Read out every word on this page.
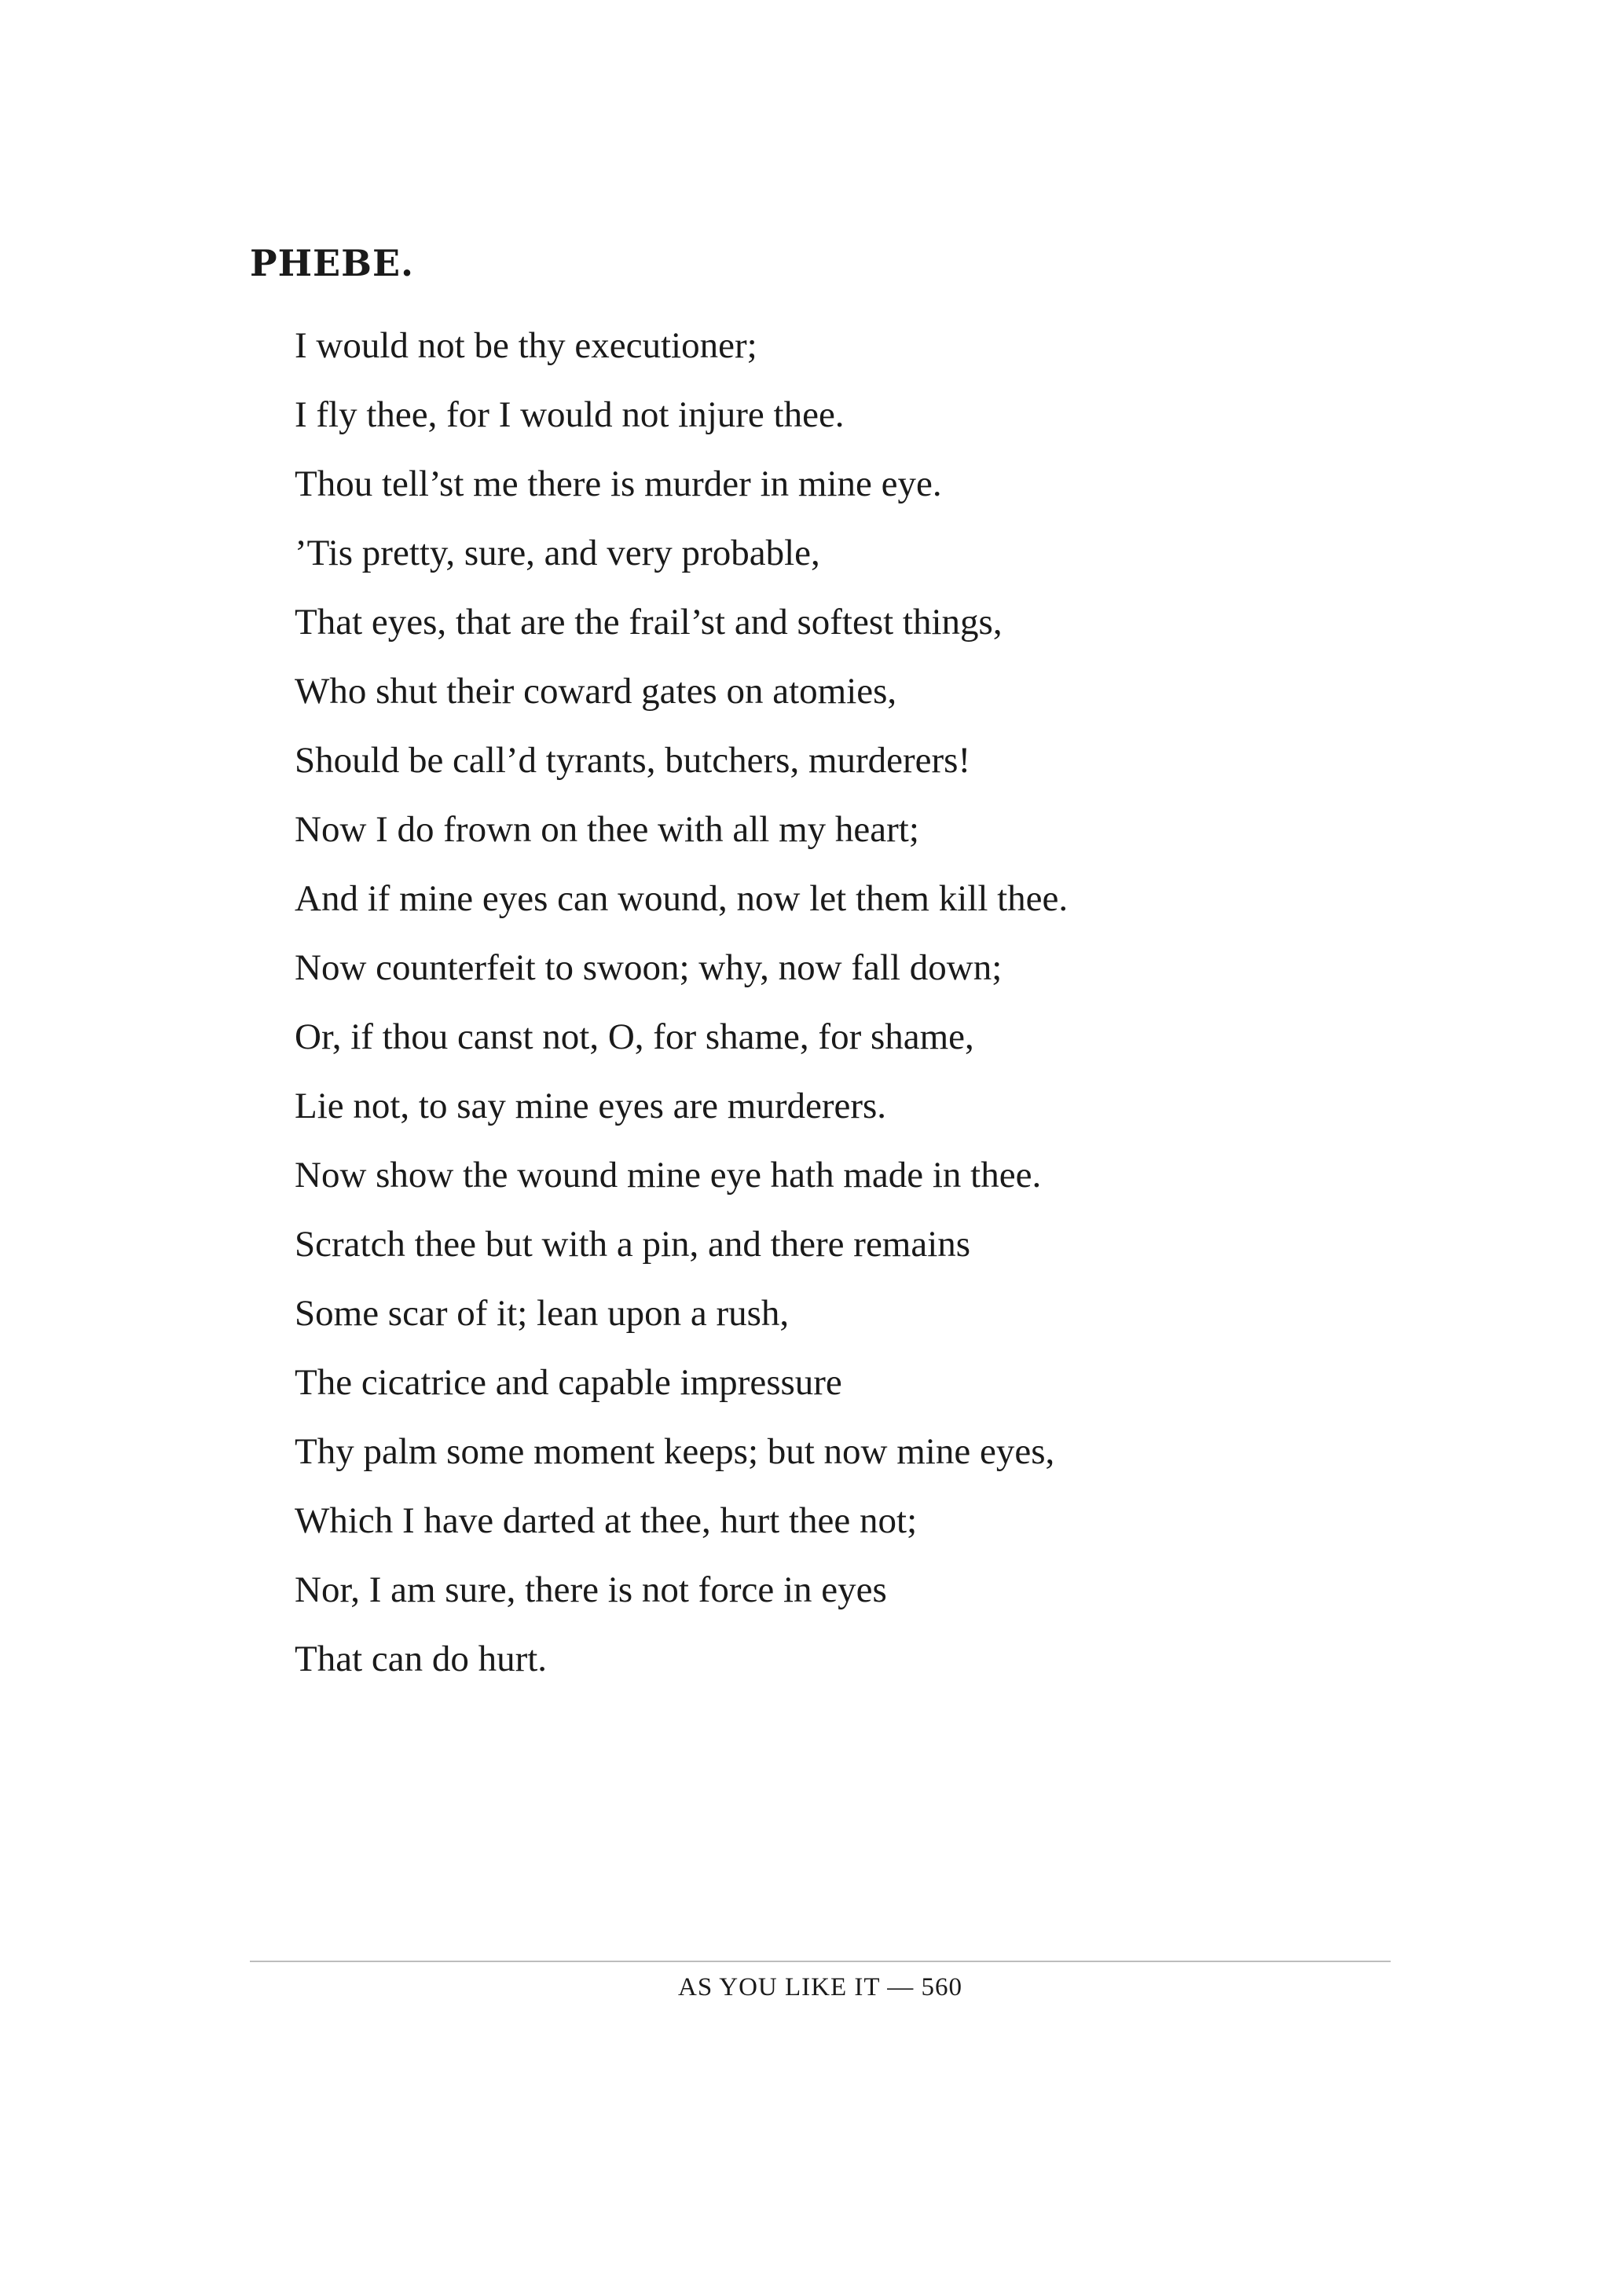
PHEBE.
I would not be thy executioner;
I fly thee, for I would not injure thee.
Thou tell’st me there is murder in mine eye.
’Tis pretty, sure, and very probable,
That eyes, that are the frail’st and softest things,
Who shut their coward gates on atomies,
Should be call’d tyrants, butchers, murderers!
Now I do frown on thee with all my heart;
And if mine eyes can wound, now let them kill thee.
Now counterfeit to swoon; why, now fall down;
Or, if thou canst not, O, for shame, for shame,
Lie not, to say mine eyes are murderers.
Now show the wound mine eye hath made in thee.
Scratch thee but with a pin, and there remains
Some scar of it; lean upon a rush,
The cicatrice and capable impressure
Thy palm some moment keeps; but now mine eyes,
Which I have darted at thee, hurt thee not;
Nor, I am sure, there is not force in eyes
That can do hurt.
AS YOU LIKE IT — 560
